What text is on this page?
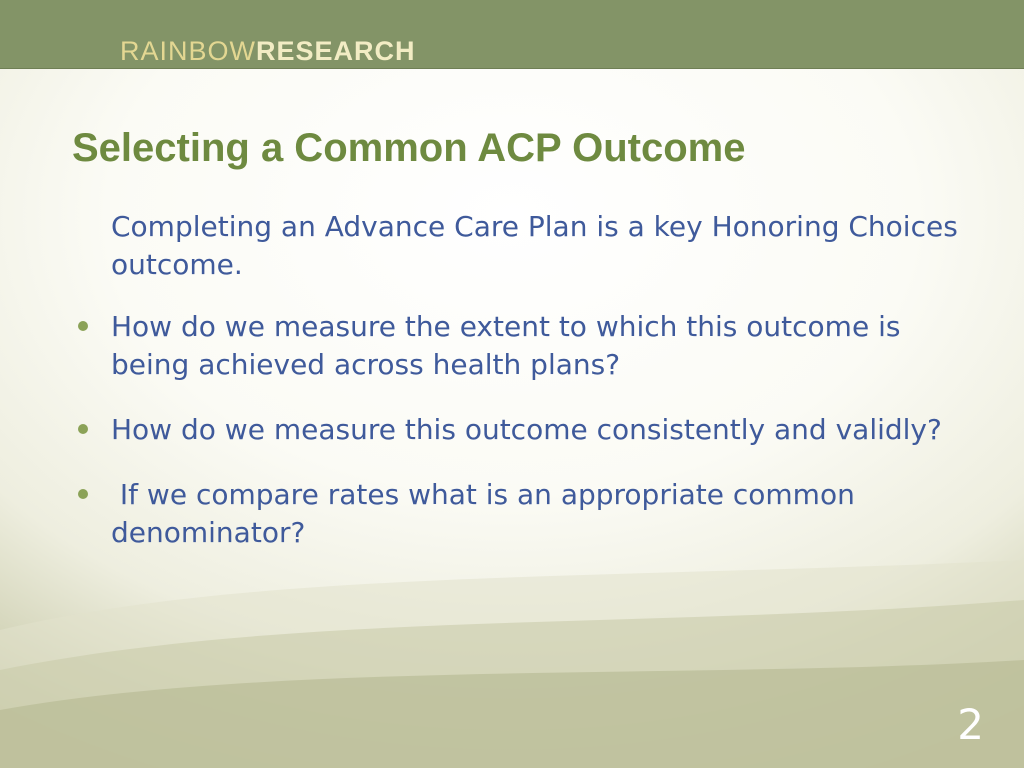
RAINBOWRESEARCH
Selecting a Common ACP Outcome

Completing an Advance Care Plan is a key Honoring Choices outcome.

How do we measure the extent to which this outcome is being achieved across health plans?
How do we measure this outcome consistently and validly?
If we compare rates what is an appropriate common denominator?
2
